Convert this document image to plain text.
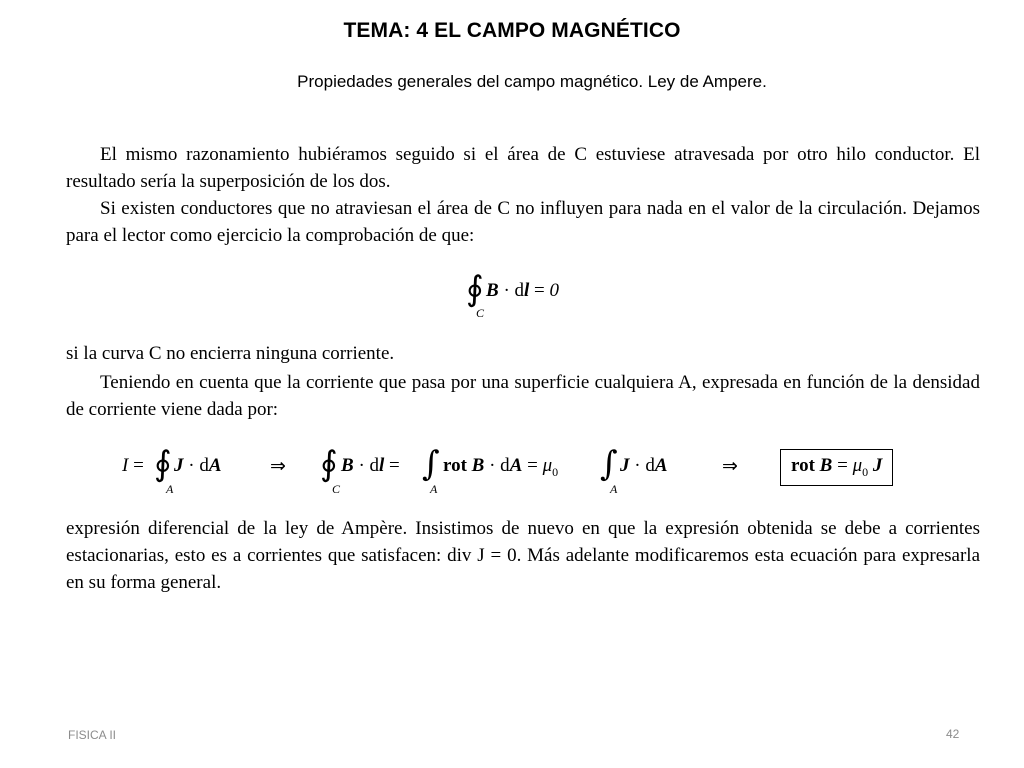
TEMA: 4 EL CAMPO MAGNÉTICO
Propiedades generales del campo magnético. Ley de Ampere.
El mismo razonamiento hubiéramos seguido si el área de C estuviese atravesada por otro hilo conductor. El resultado sería la superposición de los dos.
Si existen conductores que no atraviesan el área de C no influyen para nada en el valor de la circulación. Dejamos para el lector como ejercicio la comprobación de que:
∮ B · dl = 0
C
si la curva C no encierra ninguna corriente.
Teniendo en cuenta que la corriente que pasa por una superficie cualquiera A, expresada en función de la densidad de corriente viene dada por:
I = ∮ J · dA
A
⇒ ∮ B · dl =
C
∫ rot B · dA = $\mu_0$
A
∫ J · dA
A
⇒	rot $B = \mu_0$ J
expresión diferencial de la ley de Ampère. Insistimos de nuevo en que la expresión obtenida se debe a corrientes estacionarias, esto es a corrientes que satisfacen: div J = 0. Más adelante modificaremos esta ecuación para expresarla en su forma general.
FISICA II	42
